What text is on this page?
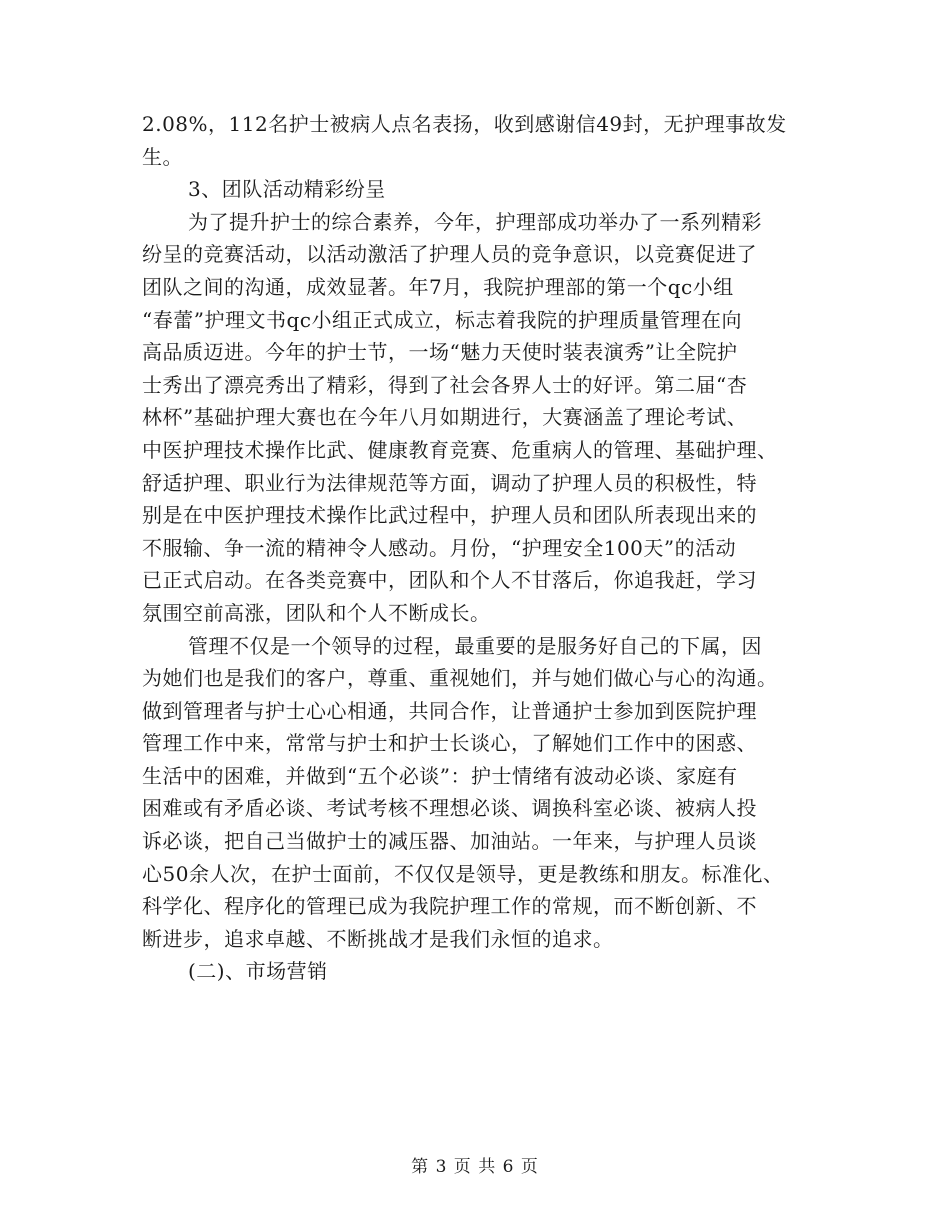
2.08%，112名护士被病人点名表扬，收到感谢信49封，无护理事故发
生。
3、团队活动精彩纷呈
为了提升护士的综合素养，今年，护理部成功举办了一系列精彩
纷呈的竞赛活动，以活动激活了护理人员的竞争意识，以竞赛促进了
团队之间的沟通，成效显著。年7月，我院护理部的第一个qc小组
“春蕾”护理文书qc小组正式成立，标志着我院的护理质量管理在向
高品质迈进。今年的护士节，一场“魅力天使时装表演秀”让全院护
士秀出了漂亮秀出了精彩，得到了社会各界人士的好评。第二届“杏
林杯”基础护理大赛也在今年八月如期进行，大赛涵盖了理论考试、
中医护理技术操作比武、健康教育竞赛、危重病人的管理、基础护理、
舒适护理、职业行为法律规范等方面，调动了护理人员的积极性，特
别是在中医护理技术操作比武过程中，护理人员和团队所表现出来的
不服输、争一流的精神令人感动。月份，“护理安全100天”的活动
已正式启动。在各类竞赛中，团队和个人不甘落后，你追我赶，学习
氛围空前高涨，团队和个人不断成长。
管理不仅是一个领导的过程，最重要的是服务好自己的下属，因
为她们也是我们的客户，尊重、重视她们，并与她们做心与心的沟通。
做到管理者与护士心心相通，共同合作，让普通护士参加到医院护理
管理工作中来，常常与护士和护士长谈心，了解她们工作中的困惑、
生活中的困难，并做到“五个必谈”：护士情绪有波动必谈、家庭有
困难或有矛盾必谈、考试考核不理想必谈、调换科室必谈、被病人投
诉必谈，把自己当做护士的减压器、加油站。一年来，与护理人员谈
心50余人次，在护士面前，不仅仅是领导，更是教练和朋友。标准化、
科学化、程序化的管理已成为我院护理工作的常规，而不断创新、不
断进步，追求卓越、不断挑战才是我们永恒的追求。
(二)、市场营销
第 3 页 共 6 页
